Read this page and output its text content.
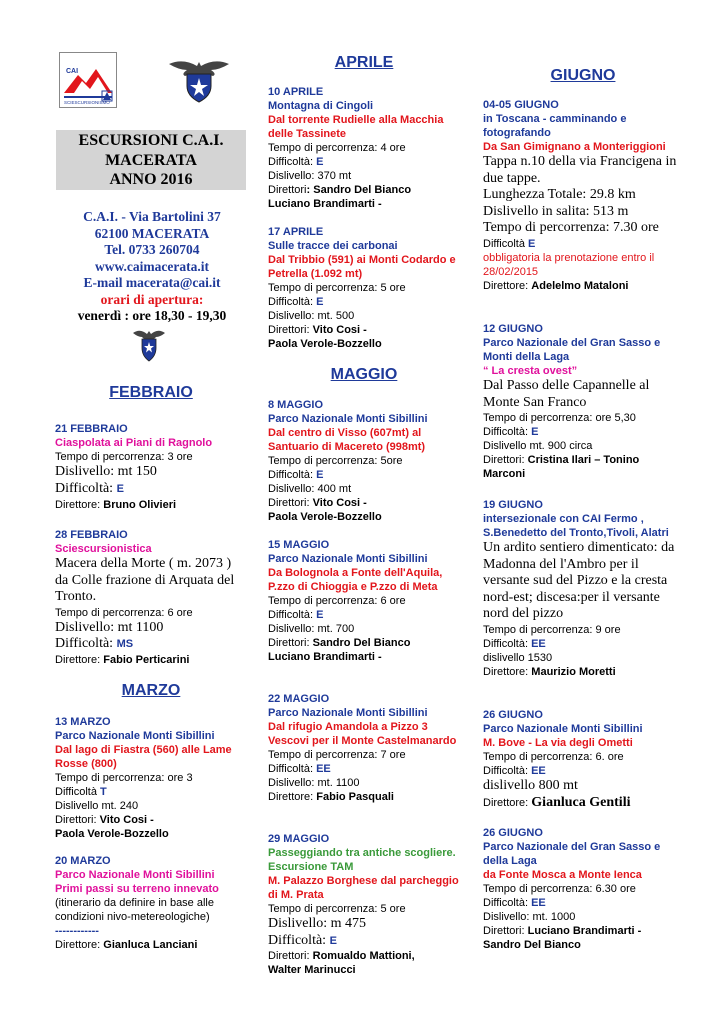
CAI
SCIESCURSIONISMO
ESCURSIONI C.A.I.
MACERATA
ANNO 2016
C.A.I. - Via Bartolini 37
62100 MACERATA
Tel. 0733 260704
www.caimacerata.it
E-mail macerata@cai.it
orari di apertura:
venerdì : ore 18,30 - 19,30
FEBBRAIO
21 FEBBRAIO
Ciaspolata ai Piani di Ragnolo
Tempo di percorrenza: 3 ore
Dislivello: mt 150
Difficoltà: E
Direttore: Bruno Olivieri
28 FEBBRAIO
Sciescursionistica
Macera della Morte ( m. 2073 ) da Colle frazione di Arquata del Tronto.
Tempo di percorrenza: 6 ore
Dislivello: mt 1100
Difficoltà: MS
Direttore: Fabio Perticarini
MARZO
13 MARZO
Parco Nazionale Monti Sibillini
Dal lago di Fiastra (560) alle Lame Rosse (800)
Tempo di percorrenza: ore 3
Difficoltà T
Dislivello mt. 240
Direttori: Vito Cosi -
Paola Verole-Bozzello
20 MARZO
Parco Nazionale Monti Sibillini
Primi passi su terreno innevato
(itinerario da definire in base alle condizioni nivo-metereologiche)
------------
Direttore: Gianluca Lanciani
APRILE
10 APRILE
Montagna di Cingoli
Dal torrente Rudielle alla Macchia delle Tassinete
Tempo di percorrenza: 4 ore
Difficoltà: E
Dislivello: 370 mt
Direttori: Sandro Del Bianco
Luciano Brandimarti -
17 APRILE
Sulle tracce dei carbonai
Dal Tribbio (591) ai Monti Codardo e Petrella (1.092 mt)
Tempo di percorrenza: 5 ore
Difficoltà: E
Dislivello: mt. 500
Direttori: Vito Cosi -
Paola Verole-Bozzello
MAGGIO
8 MAGGIO
Parco Nazionale Monti Sibillini
Dal centro di Visso (607mt) al Santuario di Macereto (998mt)
Tempo di percorrenza: 5ore
Difficoltà: E
Dislivello: 400 mt
Direttori: Vito Cosi -
Paola Verole-Bozzello
15 MAGGIO
Parco Nazionale Monti Sibillini
Da Bolognola a Fonte dell'Aquila, P.zzo di Chioggia e P.zzo di Meta
Tempo di percorrenza: 6 ore
Difficoltà: E
Dislivello: mt. 700
Direttori: Sandro Del Bianco
Luciano Brandimarti -
22 MAGGIO
Parco Nazionale Monti Sibillini
Dal rifugio Amandola a Pizzo 3 Vescovi per il Monte Castelmanardo
Tempo di percorrenza: 7 ore
Difficoltà: EE
Dislivello: mt. 1100
Direttore: Fabio Pasquali
29 MAGGIO
Passeggiando tra antiche scogliere. Escursione TAM
M. Palazzo Borghese dal parcheggio di M. Prata
Tempo di percorrenza: 5 ore
Dislivello: m 475
Difficoltà: E
Direttori: Romualdo Mattioni,
Walter Marinucci
GIUGNO
04-05 GIUGNO
in Toscana - camminando e fotografando
Da San Gimignano a Monteriggioni
Tappa n.10 della via Francigena in due tappe.
Lunghezza Totale: 29.8 km
Dislivello in salita: 513 m
Tempo di percorrenza: 7.30 ore
Difficoltà E
obbligatoria la prenotazione entro il 28/02/2015
Direttore: Adelelmo Mataloni
12 GIUGNO
Parco Nazionale del Gran Sasso e Monti della Laga
“ La cresta ovest”
Dal Passo delle Capannelle al Monte San Franco
Tempo di percorrenza: ore 5,30
Difficoltà: E
Dislivello mt. 900 circa
Direttori: Cristina Ilari – Tonino Marconi
19 GIUGNO
intersezionale con CAI Fermo , S.Benedetto del Tronto,Tivoli, Alatri
Un ardito sentiero dimenticato: da Madonna del l'Ambro per il versante sud del Pizzo e la cresta nord-est; discesa:per il versante nord del pizzo
Tempo di percorrenza: 9 ore
Difficoltà: EE
dislivello 1530
Direttore: Maurizio Moretti
26 GIUGNO
Parco Nazionale Monti Sibillini
M. Bove - La via degli Ometti
Tempo di percorrenza: 6. ore
Difficoltà: EE
dislivello 800 mt
Direttore: Gianluca Gentili
26 GIUGNO
Parco Nazionale del Gran Sasso e della Laga
da Fonte Mosca a Monte Ienca
Tempo di percorrenza: 6.30 ore
Difficoltà: EE
Dislivello: mt. 1000
Direttori: Luciano Brandimarti -
Sandro Del Bianco
